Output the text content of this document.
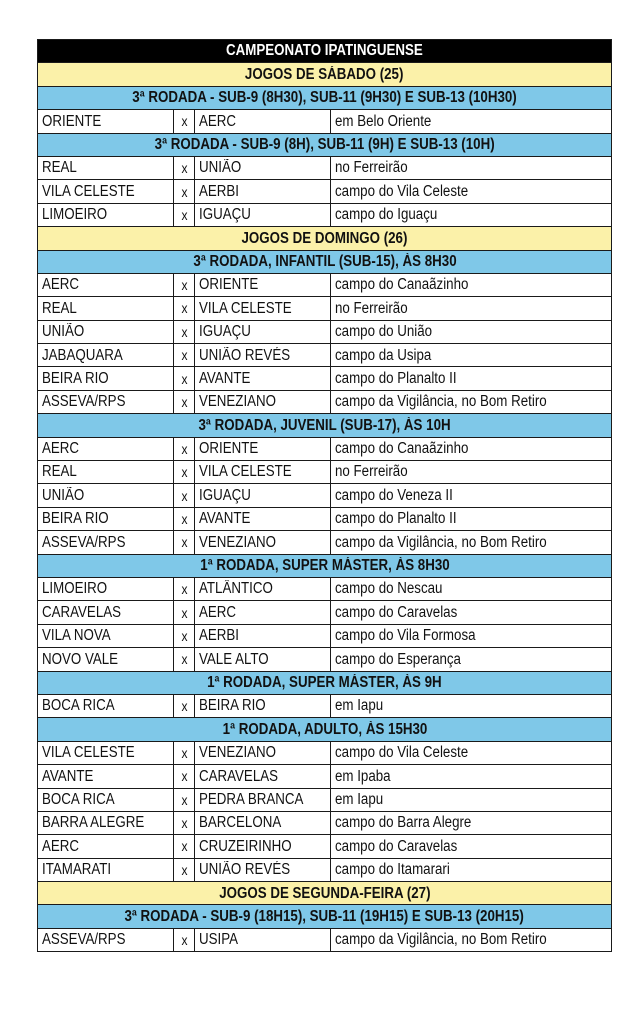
CAMPEONATO IPATINGUENSE			
JOGOS DE SÁBADO (25)			
3ª RODADA - SUB-9 (8H30), SUB-11 (9H30) E SUB-13 (10H30)			
ORIENTE	x	AERC	em Belo Oriente
3ª RODADA - SUB-9 (8H), SUB-11 (9H) E SUB-13 (10H)			
REAL	x	UNIÃO	no Ferreirão
VILA CELESTE	x	AERBI	campo do Vila Celeste
LIMOEIRO	x	IGUAÇU	campo do Iguaçu
JOGOS DE DOMINGO (26)			
3ª RODADA, INFANTIL (SUB-15), ÀS 8H30			
AERC	x	ORIENTE	campo do Canaãzinho
REAL	x	VILA CELESTE	no Ferreirão
UNIÃO	x	IGUAÇU	campo do União
JABAQUARA	x	UNIÃO REVÉS	campo da Usipa
BEIRA RIO	x	AVANTE	campo do Planalto II
ASSEVA/RPS	x	VENEZIANO	campo da Vigilância, no Bom Retiro
3ª RODADA, JUVENIL (SUB-17), ÀS 10H			
AERC	x	ORIENTE	campo do Canaãzinho
REAL	x	VILA CELESTE	no Ferreirão
UNIÃO	x	IGUAÇU	campo do Veneza II
BEIRA RIO	x	AVANTE	campo do Planalto II
ASSEVA/RPS	x	VENEZIANO	campo da Vigilância, no Bom Retiro
1ª RODADA, SUPER MÁSTER, ÀS 8H30			
LIMOEIRO	x	ATLÂNTICO	campo do Nescau
CARAVELAS	x	AERC	campo do Caravelas
VILA NOVA	x	AERBI	campo do Vila Formosa
NOVO VALE	x	VALE ALTO	campo do Esperança
1ª RODADA, SUPER MÁSTER, ÀS 9H			
BOCA RICA	x	BEIRA RIO	em Iapu
1ª RODADA, ADULTO, ÀS 15H30			
VILA CELESTE	x	VENEZIANO	campo do Vila Celeste
AVANTE	x	CARAVELAS	em Ipaba
BOCA RICA	x	PEDRA BRANCA	em Iapu
BARRA ALEGRE	x	BARCELONA	campo do Barra Alegre
AERC	x	CRUZEIRINHO	campo do Caravelas
ITAMARATI	x	UNIÃO REVÉS	campo do Itamarari
JOGOS DE SEGUNDA-FEIRA (27)			
3ª RODADA - SUB-9 (18H15), SUB-11 (19H15) E SUB-13 (20H15)			
ASSEVA/RPS	x	USIPA	campo da Vigilância, no Bom Retiro
